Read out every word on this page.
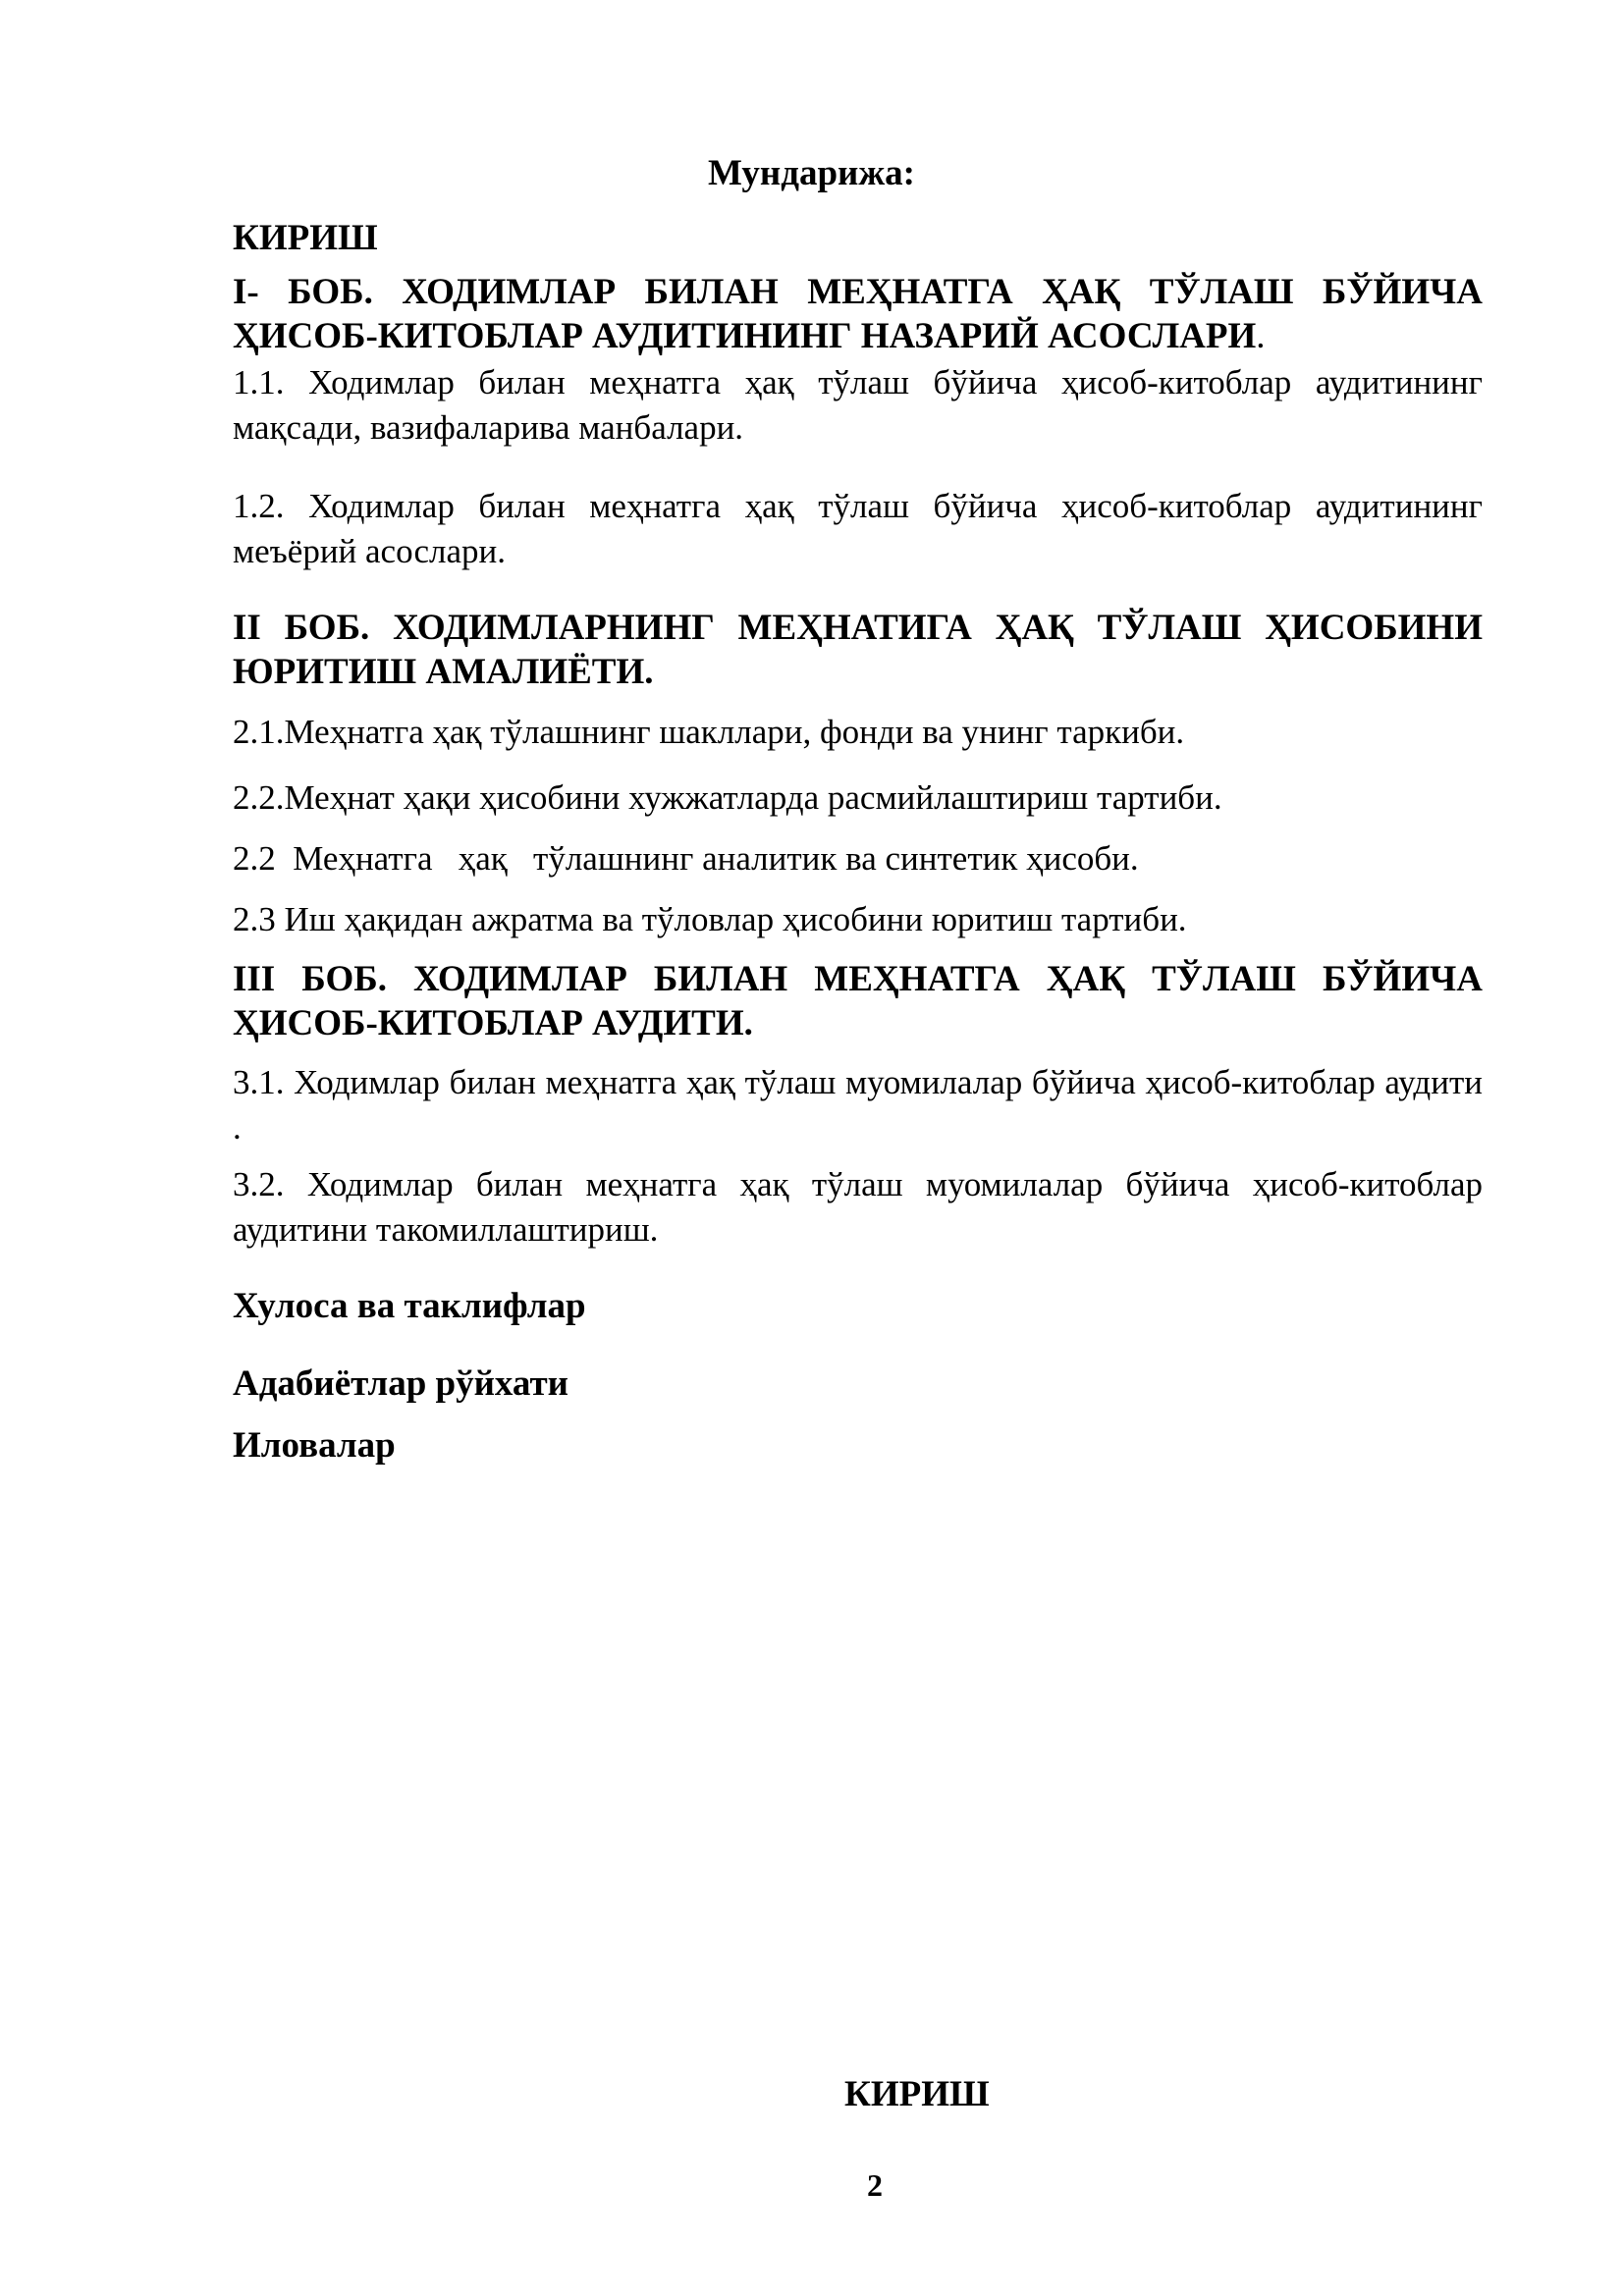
Мундарижа:
КИРИШ
I- БОБ. ХОДИМЛАР БИЛАН МЕҲНАТГА ҲАҚ ТЎЛАШ БЎЙИЧА ҲИСОБ-КИТОБЛАР АУДИТИНИНГ НАЗАРИЙ АСОСЛАРИ.
1.1. Ходимлар билан меҳнатга ҳақ тўлаш бўйича ҳисоб-китоблар аудитининг мақсади, вазифаларива манбалари.
1.2. Ходимлар билан меҳнатга ҳақ тўлаш бўйича ҳисоб-китоблар аудитининг меъёрий асослари.
II БОБ. ХОДИМЛАРНИНГ МЕҲНАТИГА ҲАҚ ТЎЛАШ ҲИСОБИНИ ЮРИТИШ АМАЛИЁТИ.
2.1.Меҳнатга ҳақ тўлашнинг шакллари, фонди ва унинг таркиби.
2.2.Меҳнат ҳақи ҳисобини хужжатларда расмийлаштириш тартиби.
2.2  Меҳнатга   ҳақ   тўлашнинг аналитик ва синтетик ҳисоби.
2.3 Иш ҳақидан ажратма ва тўловлар ҳисобини юритиш тартиби.
III БОБ. ХОДИМЛАР БИЛАН МЕҲНАТГА ҲАҚ ТЎЛАШ БЎЙИЧА ҲИСОБ-КИТОБЛАР АУДИТИ.
3.1. Ходимлар билан меҳнатга ҳақ тўлаш муомилалар бўйича ҳисоб-китоблар аудити .
3.2. Ходимлар билан меҳнатга ҳақ тўлаш муомилалар бўйича ҳисоб-китоблар аудитини такомиллаштириш.
Хулоса ва таклифлар
Адабиётлар рўйхати
Иловалар
КИРИШ
2
